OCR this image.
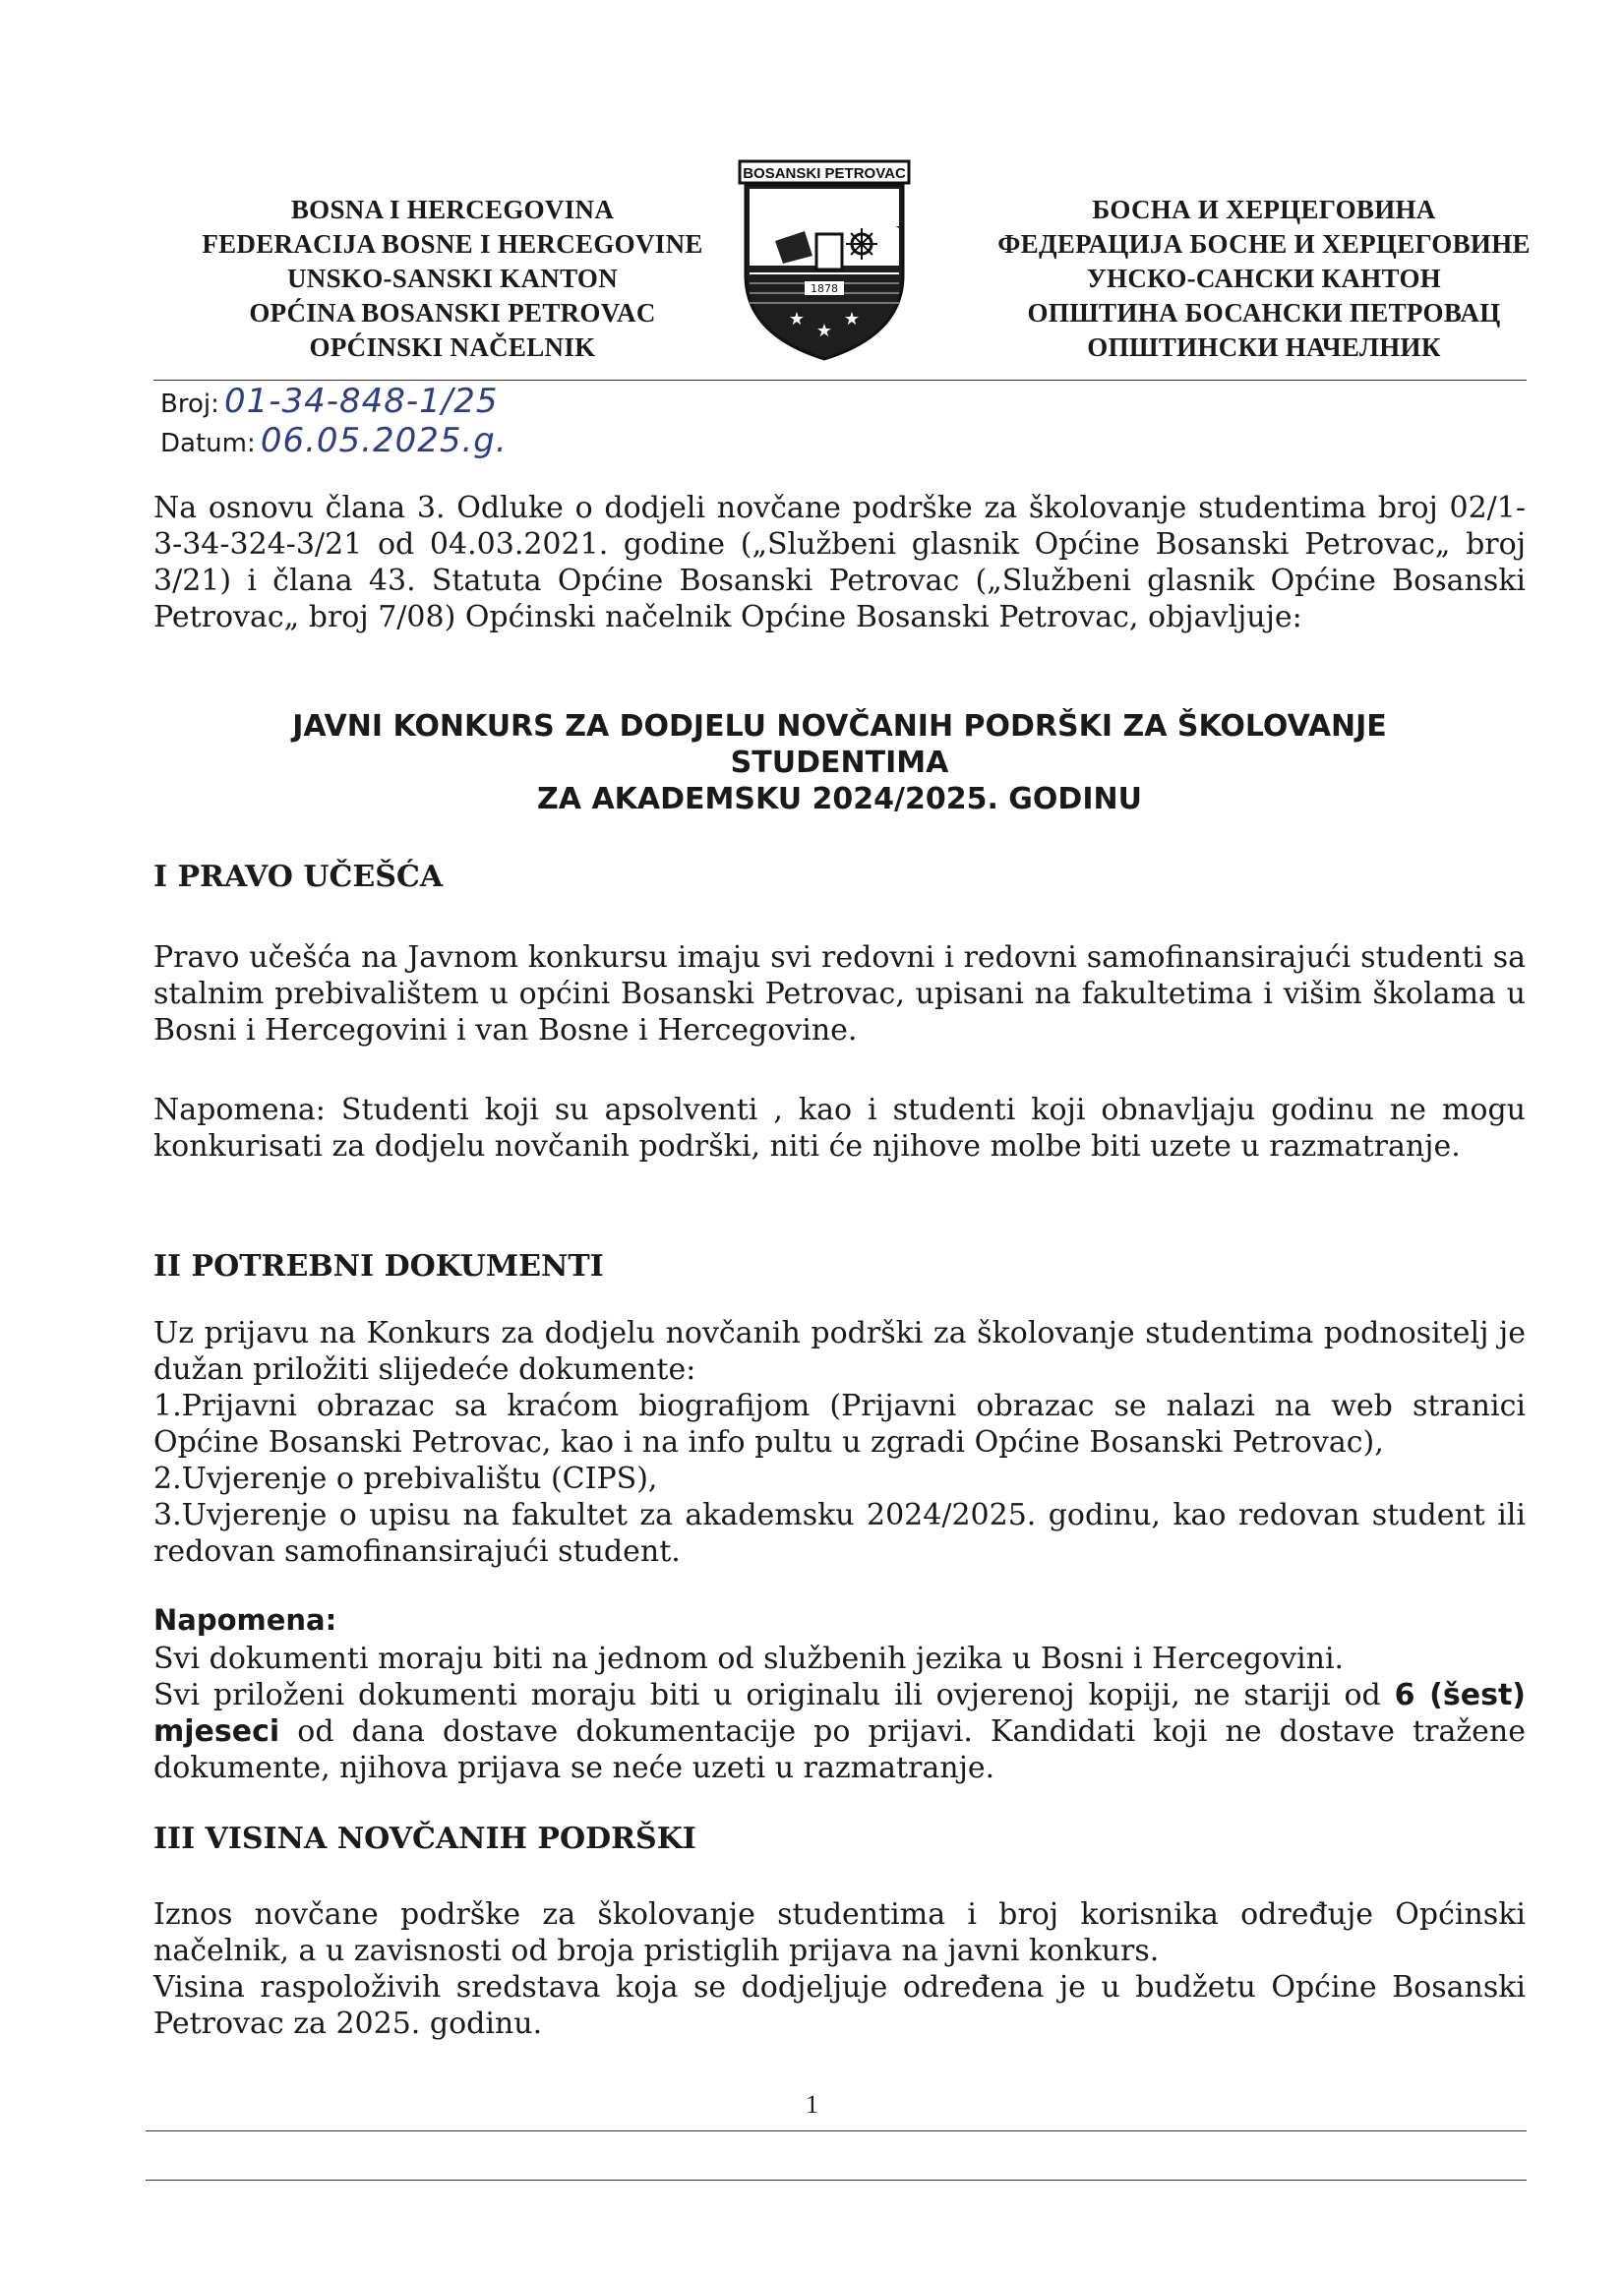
BOSNA I HERCEGOVINA
FEDERACIJA BOSNE I HERCEGOVINE
UNSKO-SANSKI KANTON
OPĆINA BOSANSKI PETROVAC
OPĆINSKI NAČELNIK
BOSANSKI PETROVAC
1878
★
★
★
БОСНА И ХЕРЦЕГОВИНА
ФЕДЕРАЦИЈА БОСНЕ И ХЕРЦЕГОВИНЕ
УНСКО-САНСКИ КАНТОН
ОПШТИНА БОСАНСКИ ПЕТРОВАЦ
ОПШТИНСКИ НАЧЕЛНИК
Broj: 01-34-848-1/25
Datum: 06.05.2025.g.
Na osnovu člana 3. Odluke o dodjeli novčane podrške za školovanje studentima broj 02/1-3-34-324-3/21 od 04.03.2021. godine („Službeni glasnik Općine Bosanski Petrovac„ broj 3/21) i člana 43. Statuta Općine Bosanski Petrovac („Službeni glasnik Općine Bosanski Petrovac„ broj 7/08) Općinski načelnik Općine Bosanski Petrovac, objavljuje:
JAVNI KONKURS ZA DODJELU NOVČANIH PODRŠKI ZA ŠKOLOVANJE
STUDENTIMA
ZA AKADEMSKU 2024/2025. GODINU
I PRAVO UČEŠĆA
Pravo učešća na Javnom konkursu imaju svi redovni i redovni samofinansirajući studenti sa stalnim prebivalištem u općini Bosanski Petrovac, upisani na fakultetima i višim školama u Bosni i Hercegovini i van Bosne i Hercegovine.
Napomena: Studenti koji su apsolventi , kao i studenti koji obnavljaju godinu ne mogu konkurisati za dodjelu novčanih podrški, niti će njihove molbe biti uzete u razmatranje.
II POTREBNI DOKUMENTI
Uz prijavu na Konkurs za dodjelu novčanih podrški za školovanje studentima podnositelj je dužan priložiti slijedeće dokumente:

1.Prijavni obrazac sa kraćom biografijom (Prijavni obrazac se nalazi na web stranici Općine Bosanski Petrovac, kao i na info pultu u zgradi Općine Bosanski Petrovac),

2.Uvjerenje o prebivalištu (CIPS),

3.Uvjerenje o upisu na fakultet za akademsku 2024/2025. godinu, kao redovan student ili redovan samofinansirajući student.

Napomena:

Svi dokumenti moraju biti na jednom od službenih jezika u Bosni i Hercegovini.

Svi priloženi dokumenti moraju biti u originalu ili ovjerenoj kopiji, ne stariji od 6 (šest) mjeseci od dana dostave dokumentacije po prijavi. Kandidati koji ne dostave tražene dokumente, njihova prijava se neće uzeti u razmatranje.

III VISINA NOVČANIH PODRŠKI

Iznos novčane podrške za školovanje studentima i broj korisnika određuje Općinski načelnik, a u zavisnosti od broja pristiglih prijava na javni konkurs.

Visina raspoloživih sredstava koja se dodjeljuje određena je u budžetu Općine Bosanski Petrovac za 2025. godinu.

1
